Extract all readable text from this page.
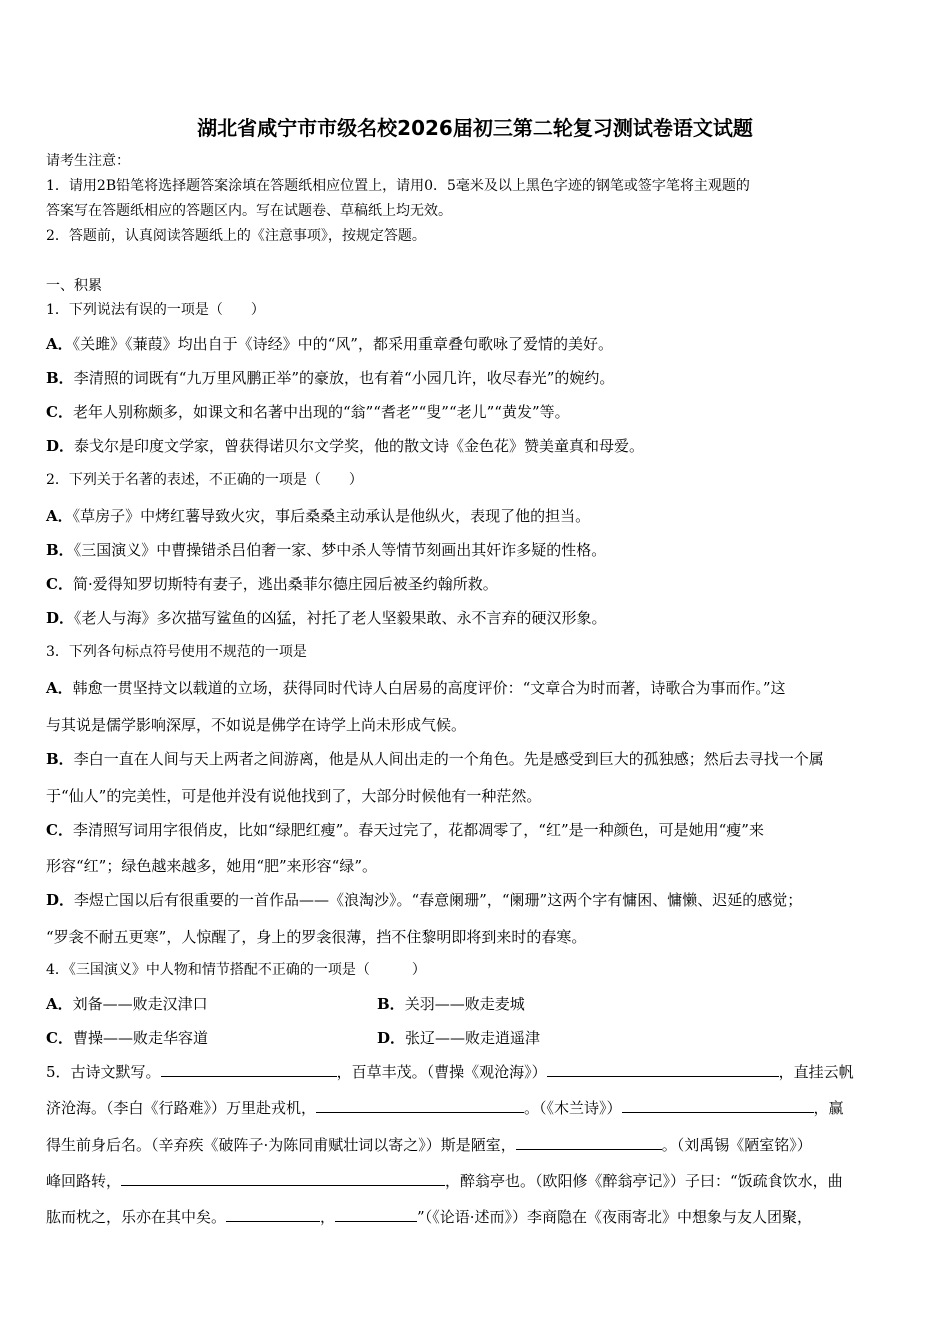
湖北省咸宁市市级名校2026届初三第二轮复习测试卷语文试题
请考生注意：
1．请用2B铅笔将选择题答案涂填在答题纸相应位置上，请用0．5毫米及以上黑色字迹的钢笔或签字笔将主观题的
答案写在答题纸相应的答题区内。写在试题卷、草稿纸上均无效。
2．答题前，认真阅读答题纸上的《注意事项》，按规定答题。
一、积累
1．下列说法有误的一项是（　　）
A．《关雎》《蒹葭》均出自于《诗经》中的“风”，都采用重章叠句歌咏了爱情的美好。
B．李清照的词既有“九万里风鹏正举”的豪放，也有着“小园几许，收尽春光”的婉约。
C．老年人别称颇多，如课文和名著中出现的“翁”“耆老”“叟”“老儿”“黄发”等。
D．泰戈尔是印度文学家，曾获得诺贝尔文学奖，他的散文诗《金色花》赞美童真和母爱。
2．下列关于名著的表述，不正确的一项是（　　）
A．《草房子》中烤红薯导致火灾，事后桑桑主动承认是他纵火，表现了他的担当。
B．《三国演义》中曹操错杀吕伯奢一家、梦中杀人等情节刻画出其奸诈多疑的性格。
C．简·爱得知罗切斯特有妻子，逃出桑菲尔德庄园后被圣约翰所救。
D．《老人与海》多次描写鲨鱼的凶猛，衬托了老人坚毅果敢、永不言弃的硬汉形象。
3．下列各句标点符号使用不规范的一项是
A．韩愈一贯坚持文以载道的立场，获得同时代诗人白居易的高度评价：“文章合为时而著，诗歌合为事而作。”这
与其说是儒学影响深厚，不如说是佛学在诗学上尚未形成气候。
B．李白一直在人间与天上两者之间游离，他是从人间出走的一个角色。先是感受到巨大的孤独感；然后去寻找一个属
于“仙人”的完美性，可是他并没有说他找到了，大部分时候他有一种茫然。
C．李清照写词用字很俏皮，比如“绿肥红瘦”。春天过完了，花都凋零了，“红”是一种颜色，可是她用“瘦”来
形容“红”；绿色越来越多，她用“肥”来形容“绿”。
D．李煜亡国以后有很重要的一首作品——《浪淘沙》。“春意阑珊”，“阑珊”这两个字有慵困、慵懒、迟延的感觉；
“罗衾不耐五更寒”，人惊醒了，身上的罗衾很薄，挡不住黎明即将到来时的春寒。
4．《三国演义》中人物和情节搭配不正确的一项是（　　　）
A．刘备——败走汉津口	B．关羽——败走麦城
C．曹操——败走华容道	D．张辽——败走逍遥津
5．古诗文默写。	，百草丰茂。（曹操《观沧海》）	，直挂云帆
济沧海。（李白《行路难》）万里赴戎机，	。（《木兰诗》）	，赢
得生前身后名。（辛弃疾《破阵子·为陈同甫赋壮词以寄之》）斯是陋室，	。（刘禹锡《陋室铭》）
峰回路转，	，醉翁亭也。（欧阳修《醉翁亭记》）子曰：“饭疏食饮水，曲
肱而枕之，乐亦在其中矣。	，	”（《论语·述而》）李商隐在《夜雨寄北》中想象与友人团聚，
